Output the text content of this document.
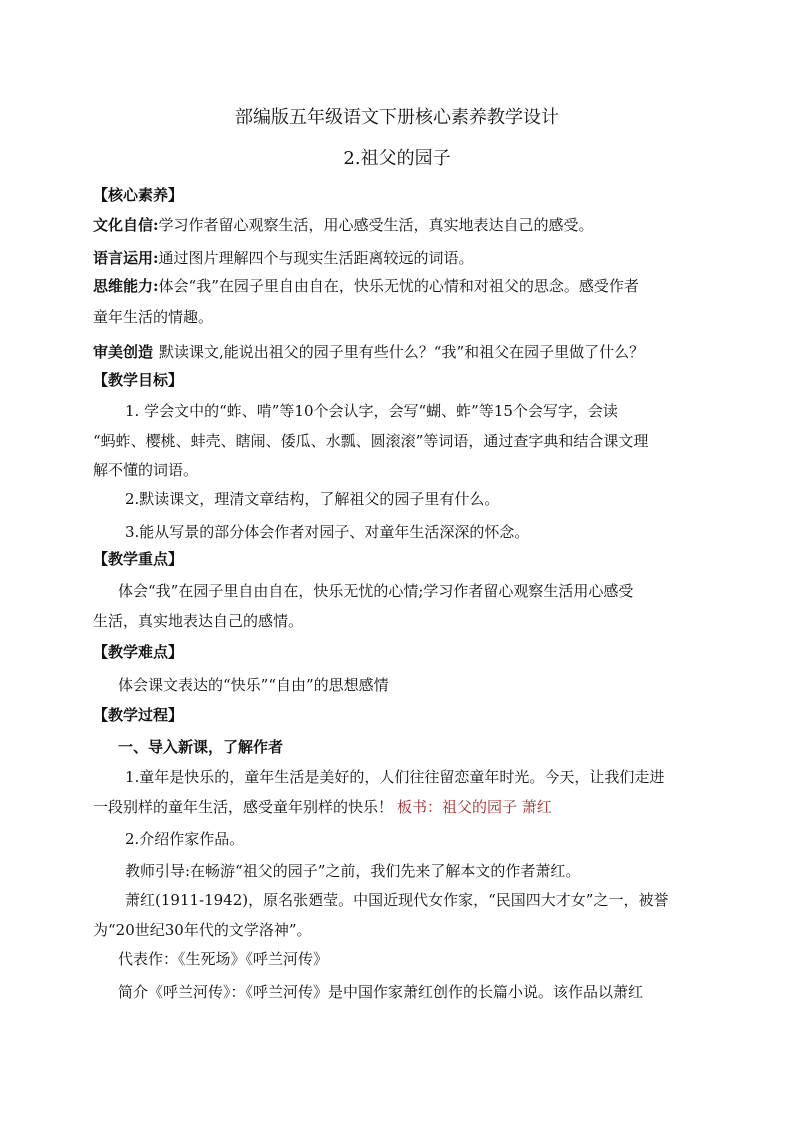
部编版五年级语文下册核心素养教学设计
2.祖父的园子
【核心素养】
文化自信:学习作者留心观察生活，用心感受生活，真实地表达自己的感受。
语言运用:通过图片理解四个与现实生活距离较远的词语。
思维能力:体会“我”在园子里自由自在，快乐无忧的心情和对祖父的思念。感受作者
童年生活的情趣。
审美创造 默读课文,能说出祖父的园子里有些什么？“我”和祖父在园子里做了什么？
【教学目标】
1. 学会文中的“蚱、啃”等10个会认字，会写“蝴、蚱”等15个会写字，会读
“蚂蚱、樱桃、蚌壳、瞎闹、倭瓜、水瓢、圆滚滚”等词语，通过查字典和结合课文理
解不懂的词语。
2.默读课文，理清文章结构，了解祖父的园子里有什么。
3.能从写景的部分体会作者对园子、对童年生活深深的怀念。
【教学重点】
体会“我”在园子里自由自在，快乐无忧的心情;学习作者留心观察生活用心感受
生活，真实地表达自己的感情。
【教学难点】
体会课文表达的“快乐”“自由”的思想感情
【教学过程】
一、导入新课，了解作者
1.童年是快乐的，童年生活是美好的，人们往往留恋童年时光。今天，让我们走进
一段别样的童年生活，感受童年别样的快乐！ 板书：祖父的园子 萧红
2.介绍作家作品。
教师引导:在畅游“祖父的园子”之前，我们先来了解本文的作者萧红。
萧红(1911-1942)，原名张廼莹。中国近现代女作家，“民国四大才女”之一，被誉
为“20世纪30年代的文学洛神”。
代表作：《生死场》《呼兰河传》
简介《呼兰河传》：《呼兰河传》是中国作家萧红创作的长篇小说。该作品以萧红
